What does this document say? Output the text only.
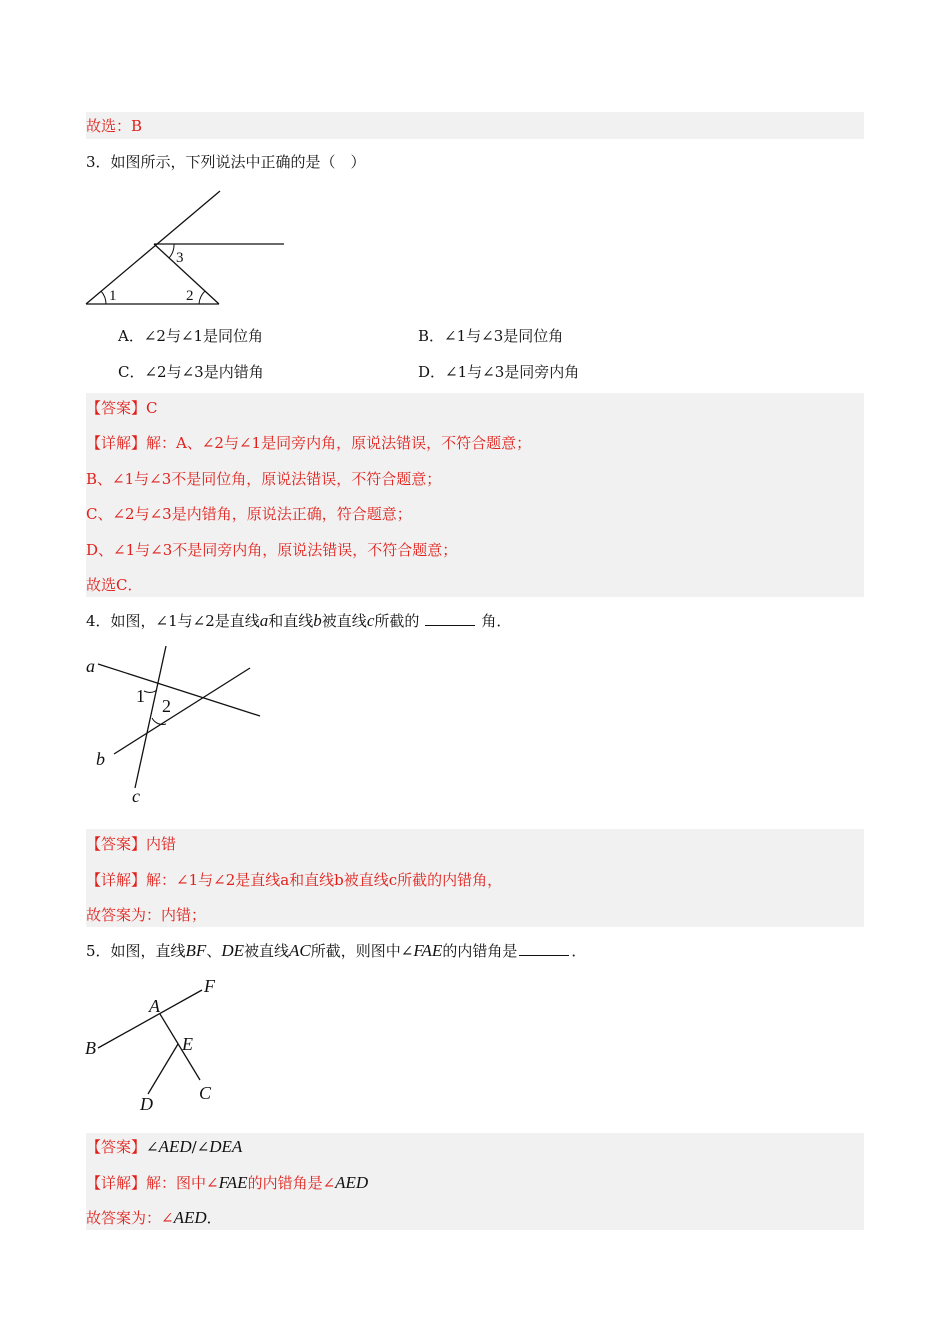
故选：B
3．如图所示，下列说法中正确的是（　）
1	2
3
A．∠2与∠1是同位角	B．∠1与∠3是同位角
C．∠2与∠3是内错角	D．∠1与∠3是同旁内角
【答案】C
【详解】解：A、∠2与∠1是同旁内角，原说法错误，不符合题意；
B、∠1与∠3不是同位角，原说法错误，不符合题意；
C、∠2与∠3是内错角，原说法正确，符合题意；
D、∠1与∠3不是同旁内角，原说法错误，不符合题意；
故选C．
4．如图，∠1与∠2是直线a和直线b被直线c所截的	角．
a
b
c
1 2
【答案】内错
【详解】解：∠1与∠2是直线a和直线b被直线c所截的内错角，
故答案为：内错；
5．如图，直线BF、DE被直线AC所截，则图中∠FAE的内错角是	．
A
B
C
D
E
F
【答案】∠AED/∠DEA
【详解】解：图中∠FAE的内错角是∠AED
故答案为：∠AED．
